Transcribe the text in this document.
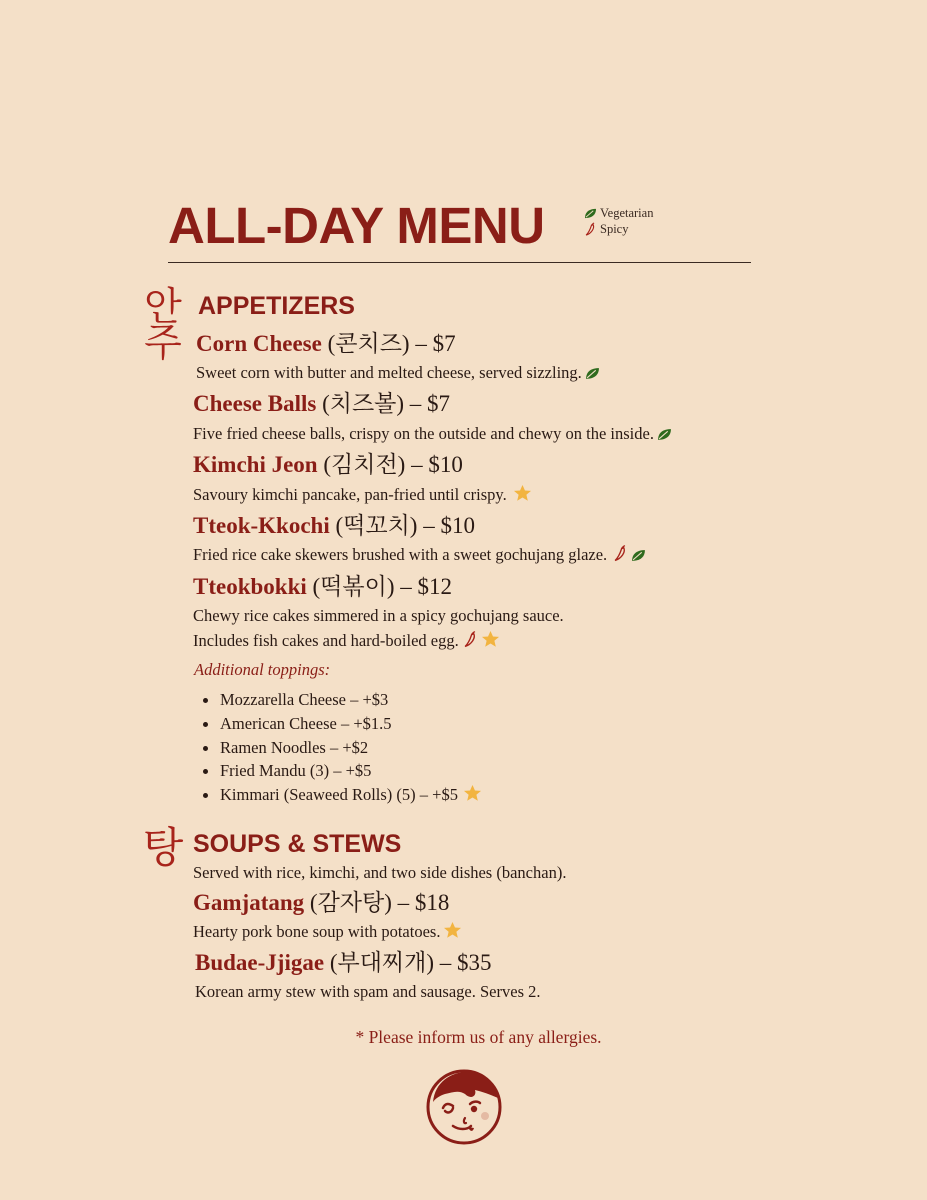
ALL-DAY MENU	Vegetarian
Spicy
안
주
APPETIZERS
Corn Cheese (콘치즈) – $7
Sweet corn with butter and melted cheese, served sizzling.
Cheese Balls (치즈볼) – $7
Five fried cheese balls, crispy on the outside and chewy on the inside.
Kimchi Jeon (김치전) – $10
Savoury kimchi pancake, pan-fried until crispy.
Tteok-Kkochi (떡꼬치) – $10
Fried rice cake skewers brushed with a sweet gochujang glaze.
Tteokbokki (떡볶이) – $12
Chewy rice cakes simmered in a spicy gochujang sauce.
Includes fish cakes and hard-boiled egg.
Additional toppings:
Mozzarella Cheese – +$3
American Cheese – +$1.5
Ramen Noodles – +$2
Fried Mandu (3) – +$5
Kimmari (Seaweed Rolls) (5) – +$5
탕 SOUPS & STEWS
Served with rice, kimchi, and two side dishes (banchan).
Gamjatang (감자탕) – $18
Hearty pork bone soup with potatoes.
Budae-Jjigae (부대찌개) – $35
Korean army stew with spam and sausage. Serves 2.
* Please inform us of any allergies.
